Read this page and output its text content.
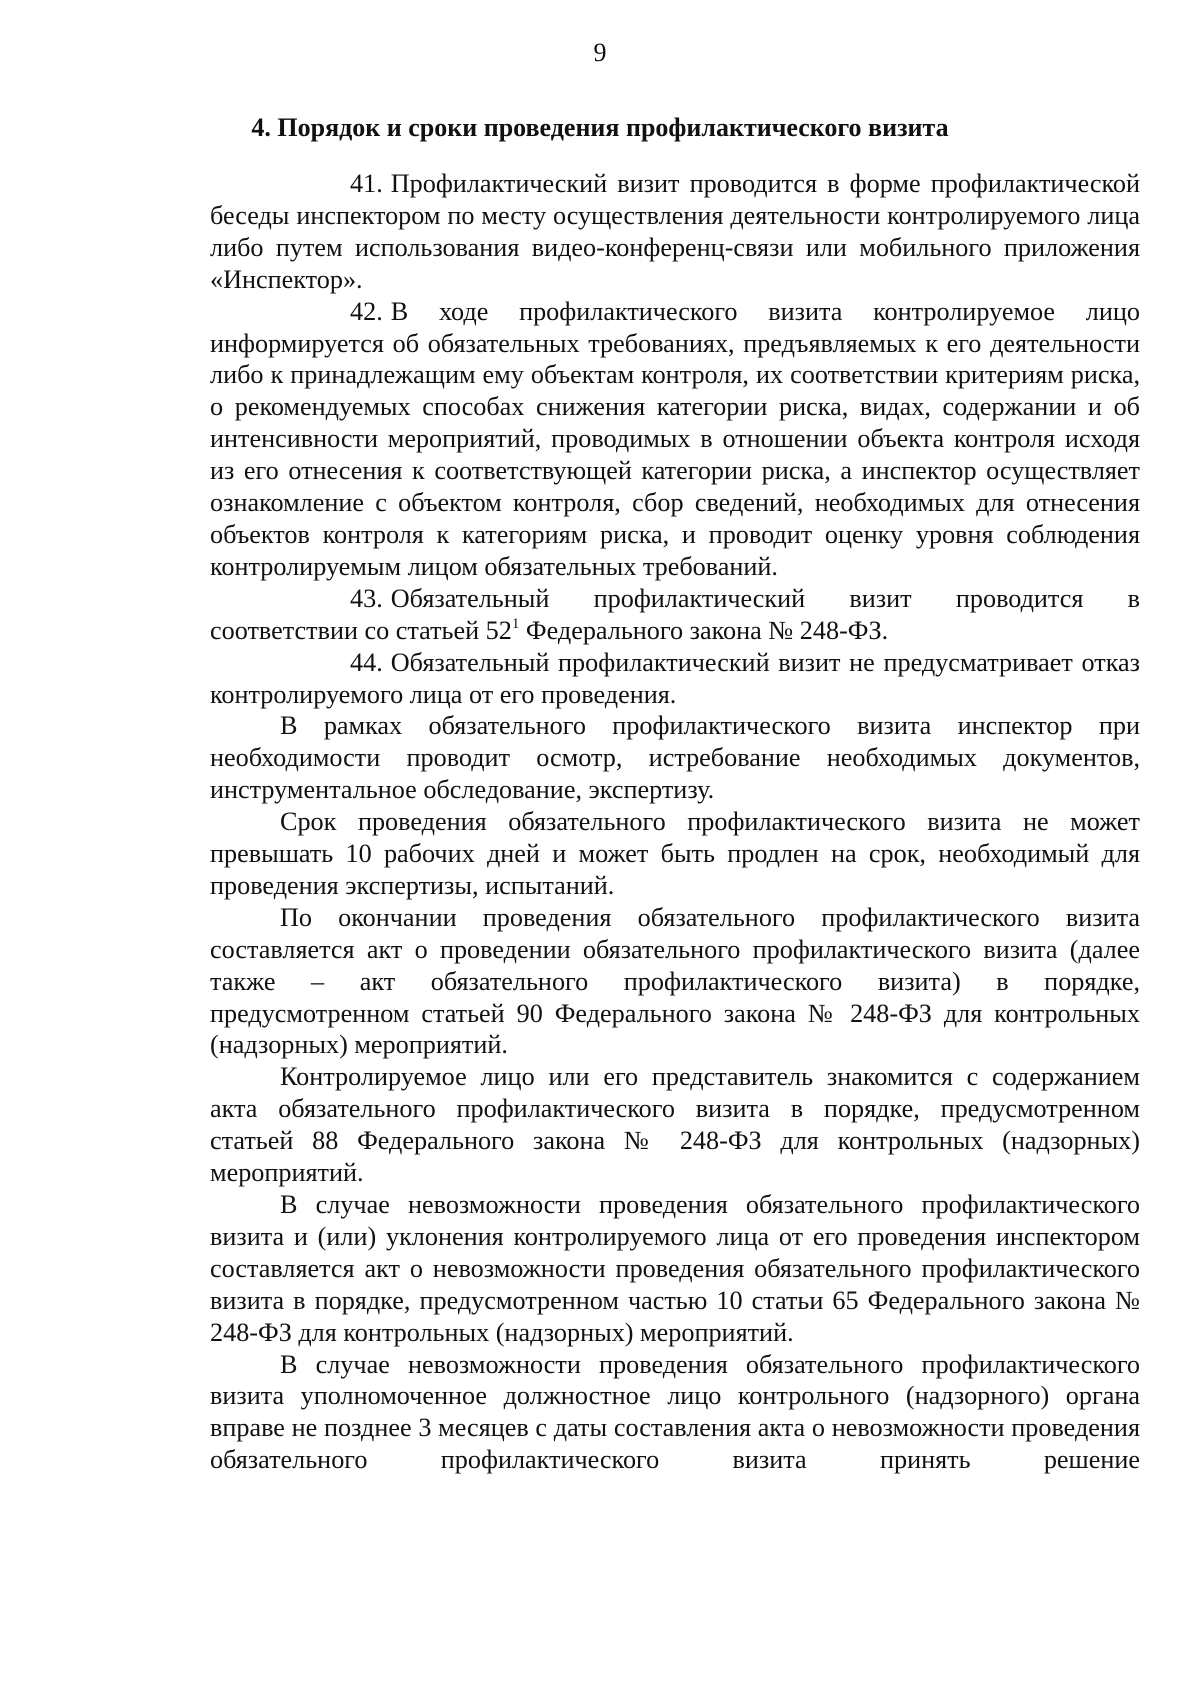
9
4. Порядок и сроки проведения профилактического визита

41. Профилактический визит проводится в форме профилактической беседы инспектором по месту осуществления деятельности контролируемого лица либо путем использования видео-конференц-связи или мобильного приложения «Инспектор».

42. В ходе профилактического визита контролируемое лицо информируется об обязательных требованиях, предъявляемых к его деятельности либо к принадлежащим ему объектам контроля, их соответствии критериям риска, о рекомендуемых способах снижения категории риска, видах, содержании и об интенсивности мероприятий, проводимых в отношении объекта контроля исходя из его отнесения к соответствующей категории риска, а инспектор осуществляет ознакомление с объектом контроля, сбор сведений, необходимых для отнесения объектов контроля к категориям риска, и проводит оценку уровня соблюдения контролируемым лицом обязательных требований.

43. Обязательный профилактический визит проводится в соответствии со статьей $52^1$ Федерального закона № 248-ФЗ.

44. Обязательный профилактический визит не предусматривает отказ контролируемого лица от его проведения.

В рамках обязательного профилактического визита инспектор при необходимости проводит осмотр, истребование необходимых документов, инструментальное обследование, экспертизу.

Срок проведения обязательного профилактического визита не может превышать 10 рабочих дней и может быть продлен на срок, необходимый для проведения экспертизы, испытаний.

По окончании проведения обязательного профилактического визита составляется акт о проведении обязательного профилактического визита (далее также – акт обязательного профилактического визита) в порядке, предусмотренном статьей 90 Федерального закона № 248-ФЗ для контрольных (надзорных) мероприятий.

Контролируемое лицо или его представитель знакомится с содержанием акта обязательного профилактического визита в порядке, предусмотренном статьей 88 Федерального закона № 248-ФЗ для контрольных (надзорных) мероприятий.

В случае невозможности проведения обязательного профилактического визита и (или) уклонения контролируемого лица от его проведения инспектором составляется акт о невозможности проведения обязательного профилактического визита в порядке, предусмотренном частью 10 статьи 65 Федерального закона № 248-ФЗ для контрольных (надзорных) мероприятий.

В случае невозможности проведения обязательного профилактического визита уполномоченное должностное лицо контрольного (надзорного) органа вправе не позднее 3 месяцев с даты составления акта о невозможности проведения обязательного профилактического визита принять решение
